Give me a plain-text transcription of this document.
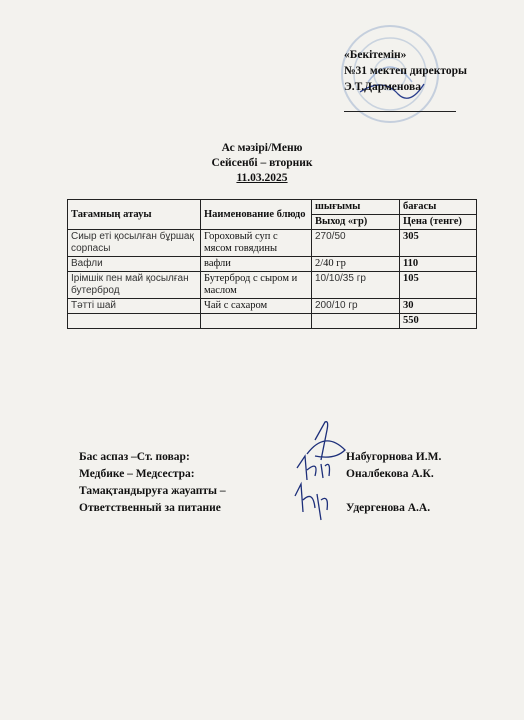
«Бекітемін»
№31 мектеп директоры
Э.Т.Дарменова
Ас мәзірі/Меню
Сейсенбі – вторник
11.03.2025
Тағамның атауы	Наименование блюдо	шығымы	бағасы
		Выход «гр)	Цена (тенге)
Сиыр еті қосылған бұршақ сорпасы	Гороховый суп с мясом говядины	270/50	305
Вафли	вафли	2/40 гр	110
Ірімшік пен май қосылған бутерброд	Бутерброд с сыром и маслом	10/10/35 гр	105
Тәтті шай	Чай с сахаром	200/10 гр	30
			550
Бас аспаз –Ст. повар:
Медбике – Медсестра:
Тамақтандыруға жауапты –
Ответственный за питание
Набугорнова И.М.
Оналбекова А.К.
Удергенова А.А.
